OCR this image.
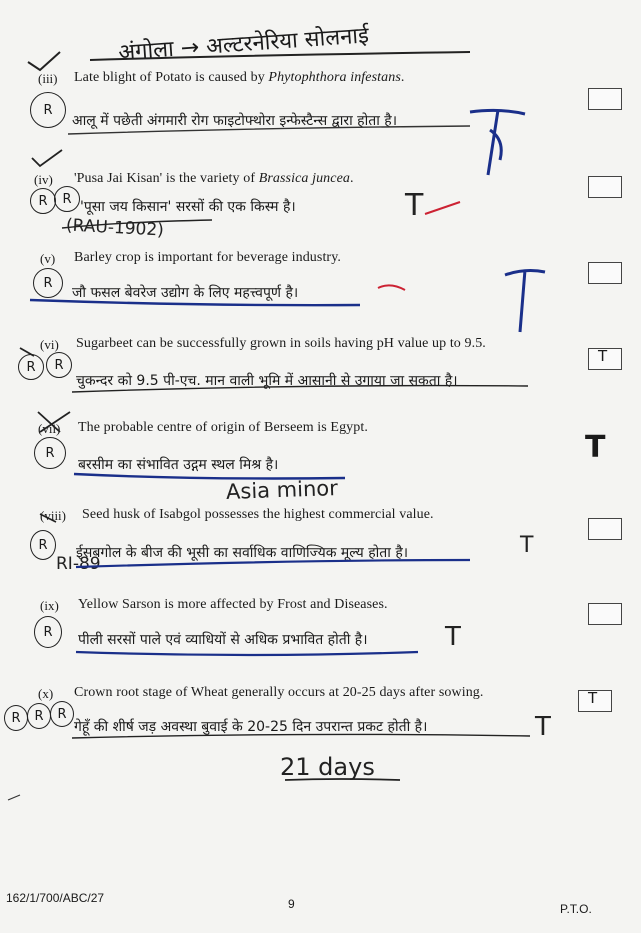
अंगोला → अल्टरनेरिया सोलनाई
(iii) Late blight of Potato is caused by Phytophthora infestans.
R
आलू में पछेती अंगमारी रोग फाइटोफ्थोरा इन्फेस्टैन्स द्वारा होता है।
(iv) 'Pusa Jai Kisan' is the variety of Brassica juncea.
R R 'पूसा जय किसान' सरसों की एक किस्म है।
(RAU-1902)
T
(v) Barley crop is important for beverage industry.
R
जौ फसल बेवरेज उद्योग के लिए महत्त्वपूर्ण है।
(vi) Sugarbeet can be successfully grown in soils having pH value up to 9.5.
R R
चुकन्दर को 9.5 पी-एच. मान वाली भूमि में आसानी से उगाया जा सकता है।
T
(vii) The probable centre of origin of Berseem is Egypt.
R
बरसीम का संभावित उद्गम स्थल मिश्र है।
Asia minor
T
(viii) Seed husk of Isabgol possesses the highest commercial value.
R ईसबगोल के बीज की भूसी का सर्वाधिक वाणिज्यिक मूल्य होता है।
RI-89
T
(ix) Yellow Sarson is more affected by Frost and Diseases.
R पीली सरसों पाले एवं व्याधियों से अधिक प्रभावित होती है।	T
(x) Crown root stage of Wheat generally occurs at 20-25 days after sowing.
R R R
गेहूँ की शीर्ष जड़ अवस्था बुवाई के 20-25 दिन उपरान्त प्रकट होती है।
21 days
T
T
162/1/700/ABC/27	9	P.T.O.
